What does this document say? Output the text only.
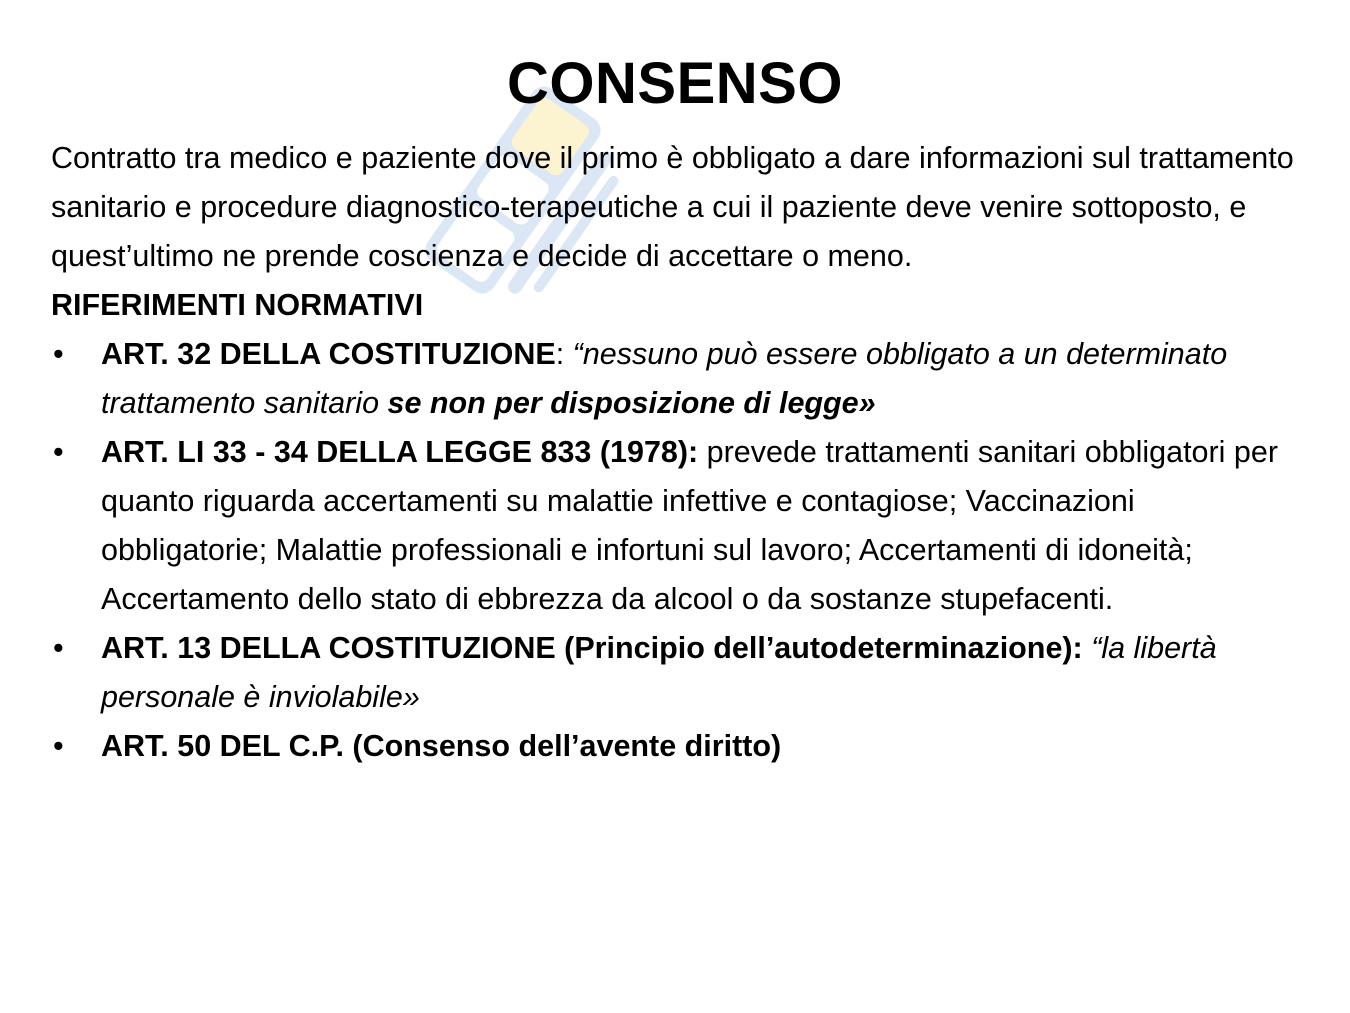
CONSENSO

Contratto tra medico e paziente dove il primo è obbligato a dare informazioni sul trattamento sanitario e procedure diagnostico-terapeutiche a cui il paziente deve venire sottoposto, e quest’ultimo ne prende coscienza e decide di accettare o meno.

RIFERIMENTI NORMATIVI

• ART. 32 DELLA COSTITUZIONE: “nessuno può essere obbligato a un determinato trattamento sanitario se non per disposizione di legge»
• ART. LI 33 - 34 DELLA LEGGE 833 (1978): prevede trattamenti sanitari obbligatori per quanto riguarda accertamenti su malattie infettive e contagiose; Vaccinazioni obbligatorie; Malattie professionali e infortuni sul lavoro; Accertamenti di idoneità; Accertamento dello stato di ebbrezza da alcool o da sostanze stupefacenti.
• ART. 13 DELLA COSTITUZIONE (Principio dell’autodeterminazione): “la libertà personale è inviolabile»
• ART. 50 DEL C.P. (Consenso dell’avente diritto)
